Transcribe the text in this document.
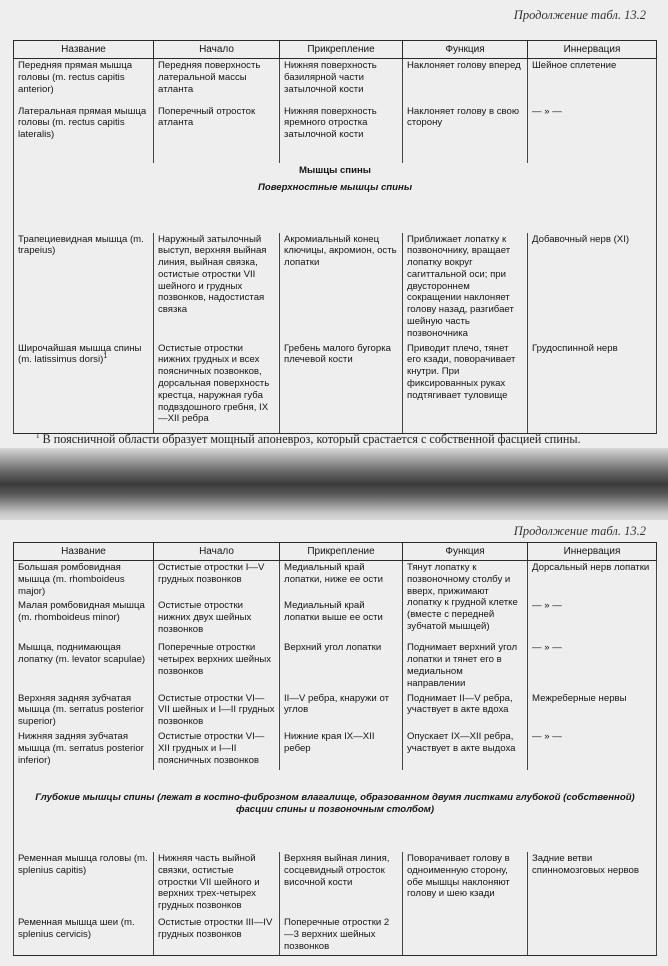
Продолжение табл. 13.2
Название	Начало	Прикрепление	Функция	Иннервация
Передняя прямая мышца головы (m. rectus capitis anterior)	Передняя поверхность латеральной массы атланта	Нижняя поверхность базилярной части затылочной кости	Наклоняет голову вперед	Шейное сплетение
Латеральная прямая мышца головы (m. rectus capitis lateralis)	Поперечный отросток атланта	Нижняя поверхность яремного отростка затылочной кости	Наклоняет голову в свою сторону	— » —
Мышцы спины
Поверхностные мышцы спины				

Трапециевидная мышца (m. trapeius)	Наружный затылочный выступ, верхняя выйная линия, выйная связка, остистые отростки VII шейного и грудных позвонков, надостистая связка	Акромиальный конец ключицы, акромион, ость лопатки	Приближает лопатку к позвоночнику, вращает лопатку вокруг сагиттальной оси; при двустороннем сокращении наклоняет голову назад, разгибает шейную часть позвоночника	Добавочный нерв (XI)
Широчайшая мышца спины (m. latissimus dorsi)$^1$	Остистые отростки нижних грудных и всех поясничных позвонков, дорсальная поверхность крестца, наружная губа подвздошного гребня, IX—XII ребра	Гребень малого бугорка плечевой кости	Приводит плечо, тянет его кзади, поворачивает кнутри. При фиксированных руках подтягивает туловище	Грудоспинной нерв
$^1$ В поясничной области образует мощный апоневроз, который срастается с собственной фасцией спины.
Продолжение табл. 13.2
Название	Начало	Прикрепление	Функция	Иннервация
Большая ромбовидная мышца (m. rhomboideus major)	Остистые отростки I—V грудных позвонков	Медиальный край лопатки, ниже ее ости	Тянут лопатку к позвоночному столбу и вверх, прижимают лопатку к грудной клетке (вместе с передней зубчатой мышцей)	Дорсальный нерв лопатки
Малая ромбовидная мышца (m. rhomboideus minor)	Остистые отростки нижних двух шейных позвонков	Медиальный край лопатки выше ее ости		— » —
Мышца, поднимающая лопатку (m. levator scapulae)	Поперечные отростки четырех верхних шейных позвонков	Верхний угол лопатки	Поднимает верхний угол лопатки и тянет его в медиальном направлении	— » —
Верхняя задняя зубчатая мышца (m. serratus posterior superior)	Остистые отростки VI—VII шейных и I—II грудных позвонков	II—V ребра, кнаружи от углов	Поднимает II—V ребра, участвует в акте вдоха	Межреберные нервы
Нижняя задняя зубчатая мышца (m. serratus posterior inferior)	Остистые отростки VI—XII грудных и I—II поясничных позвонков	Нижние края IX—XII ребер	Опускает IX—XII ребра, участвует в акте выдоха	— » —
Глубокие мышцы спины (лежат в костно-фиброзном влагалище, образованном двумя листками глубокой (собственной) фасции спины и позвоночным столбом)				
Ременная мышца головы (m. splenius capitis)	Нижняя часть выйной связки, остистые отростки VII шейного и верхних трех-четырех грудных позвонков	Верхняя выйная линия, сосцевидный отросток височной кости	Поворачивает голову в одноименную сторону, обе мышцы наклоняют голову и шею кзади	Задние ветви спинномозговых нервов
Ременная мышца шеи (m. splenius cervicis)	Остистые отростки III—IV грудных позвонков	Поперечные отростки 2—3 верхних шейных позвонков		
